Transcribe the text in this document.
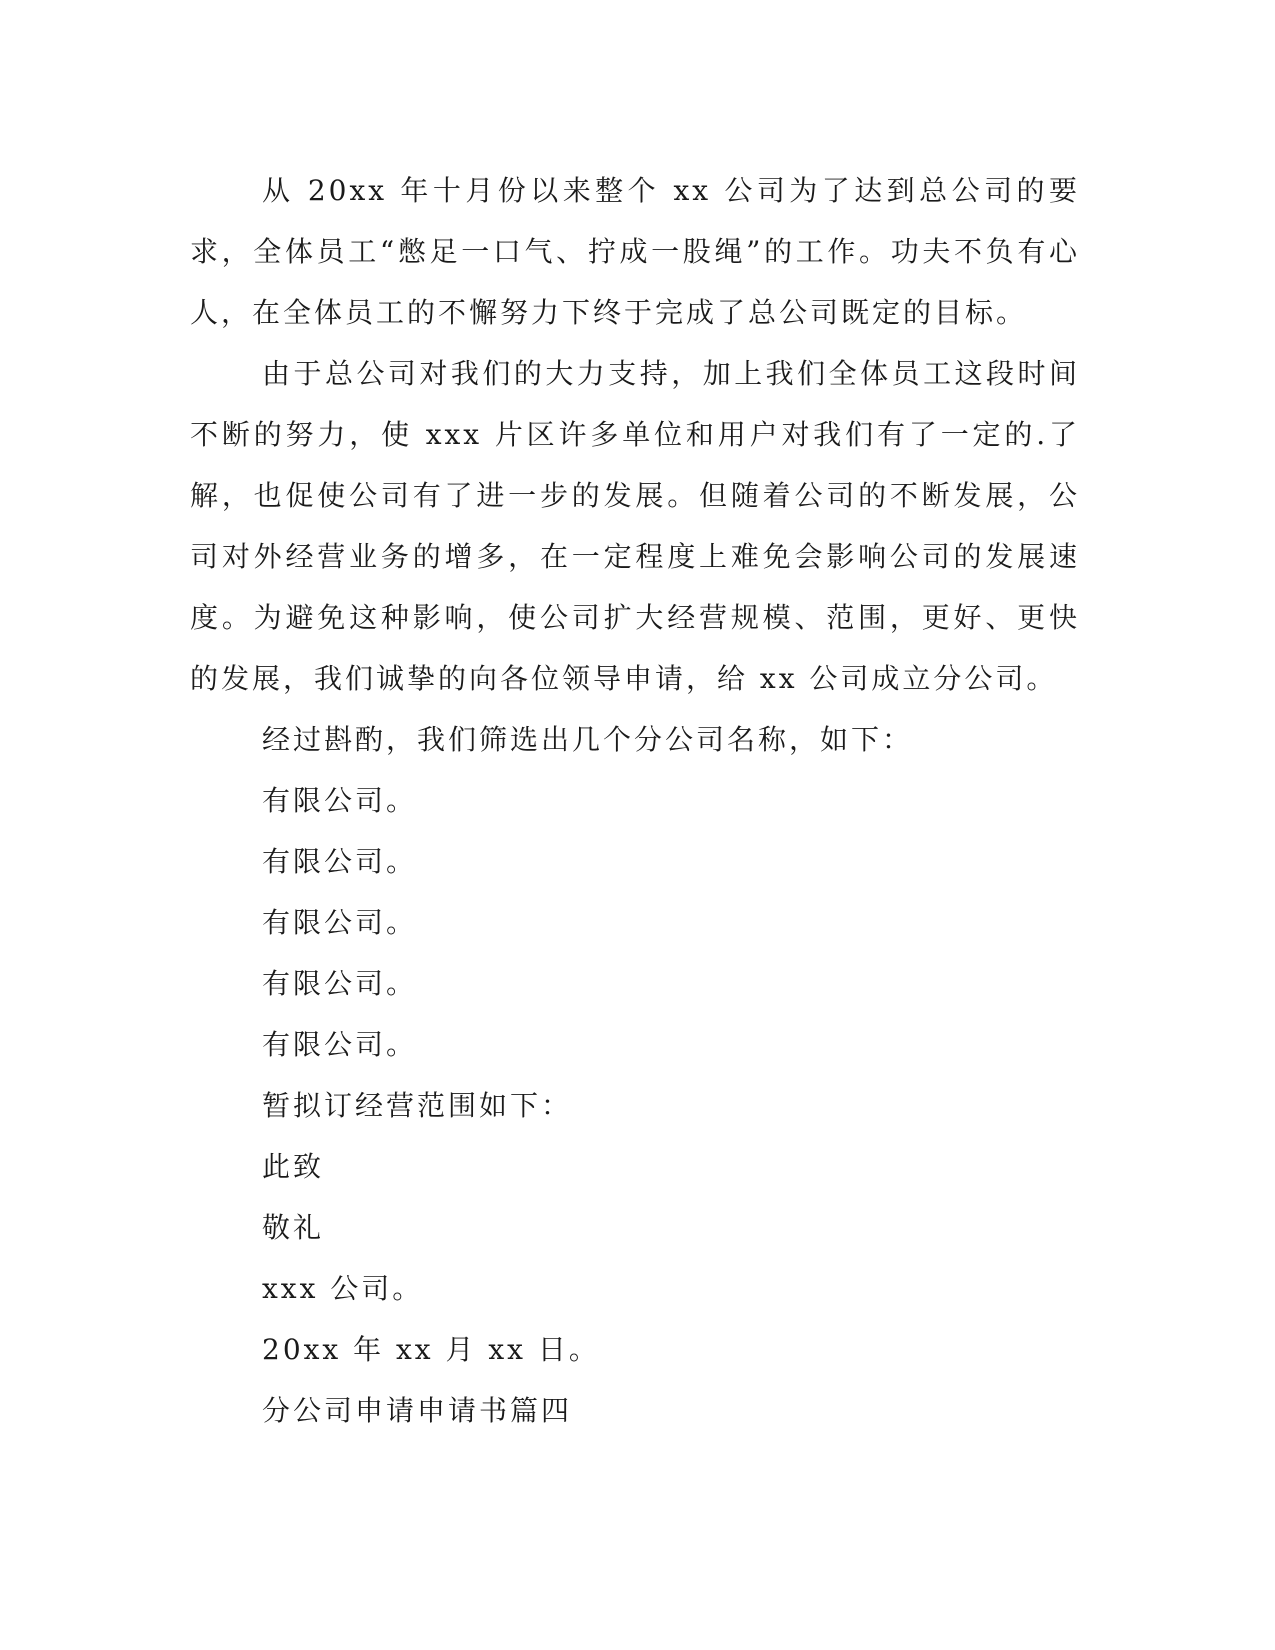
从 20xx 年十月份以来整个 xx 公司为了达到总公司的要求，全体员工“憋足一口气、拧成一股绳”的工作。功夫不负有心人，在全体员工的不懈努力下终于完成了总公司既定的目标。

由于总公司对我们的大力支持，加上我们全体员工这段时间不断的努力，使 xxx 片区许多单位和用户对我们有了一定的.了解，也促使公司有了进一步的发展。但随着公司的不断发展，公司对外经营业务的增多，在一定程度上难免会影响公司的发展速度。为避免这种影响，使公司扩大经营规模、范围，更好、更快的发展，我们诚挚的向各位领导申请，给 xx 公司成立分公司。

经过斟酌，我们筛选出几个分公司名称，如下：

有限公司。

有限公司。

有限公司。

有限公司。

有限公司。

暂拟订经营范围如下：

此致

敬礼

xxx 公司。

20xx 年 xx 月 xx 日。

分公司申请申请书篇四
